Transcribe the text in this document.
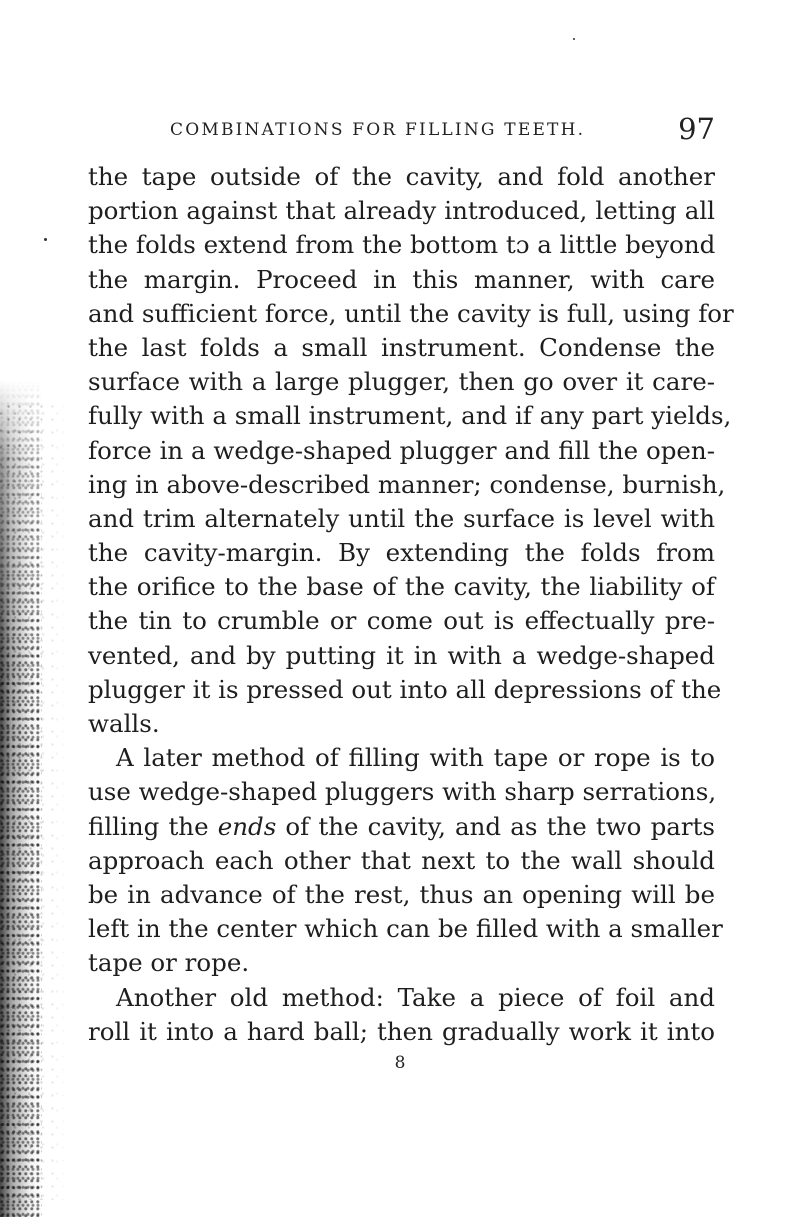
COMBINATIONS FOR FILLING TEETH.	97
the tape outside of the cavity, and fold another
portion against that already introduced, letting all
the folds extend from the bottom tɔ a little beyond
the margin. Proceed in this manner, with care
and sufficient force, until the cavity is full, using for
the last folds a small instrument. Condense the
surface with a large plugger, then go over it care-
fully with a small instrument, and if any part yields,
force in a wedge-shaped plugger and fill the open-
ing in above-described manner; condense, burnish,
and trim alternately until the surface is level with
the cavity-margin. By extending the folds from
the orifice to the base of the cavity, the liability of
the tin to crumble or come out is effectually pre-
vented, and by putting it in with a wedge-shaped
plugger it is pressed out into all depressions of the
walls.
A later method of filling with tape or rope is to
use wedge-shaped pluggers with sharp serrations,
filling the ends of the cavity, and as the two parts
approach each other that next to the wall should
be in advance of the rest, thus an opening will be
left in the center which can be filled with a smaller
tape or rope.
Another old method: Take a piece of foil and
roll it into a hard ball; then gradually work it into
8
